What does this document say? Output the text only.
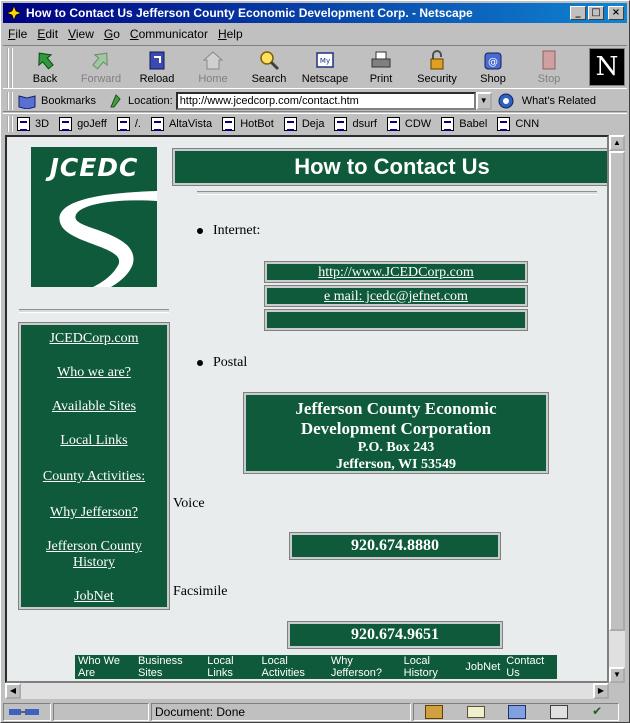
How to Contact Us Jefferson County Economic Development Corp. - Netscape	_	□	×
File Edit View Go Communicator Help
Back Forward Reload Home Search
My
Netscape Print Security
@
Shop	Stop N
Bookmarks	Location: http://www.jcedcorp.com/contact.htm	▼	What's Related
3D	goJeff	/.	AltaVista	HotBot	Deja	dsurf	CDW	Babel	CNN
JCEDC
JCEDCorp.com
Who we are?
Available Sites
Local Links
County Activities:
Why Jefferson?
Jefferson County History
JobNet
How to Contact Us
Internet:
http://www.JCEDCorp.com
e mail: jcedc@jefnet.com
Postal
Jefferson County Economic
Development Corporation
P.O. Box 243
Jefferson, WI 53549
Voice
920.674.8880
Facsimile
920.674.9651
Who We Are
Business Sites
Local Links
Local Activities
Why Jefferson?
Local History	JobNet Contact Us
▲
▼
◀	▶
Document: Done	✔
